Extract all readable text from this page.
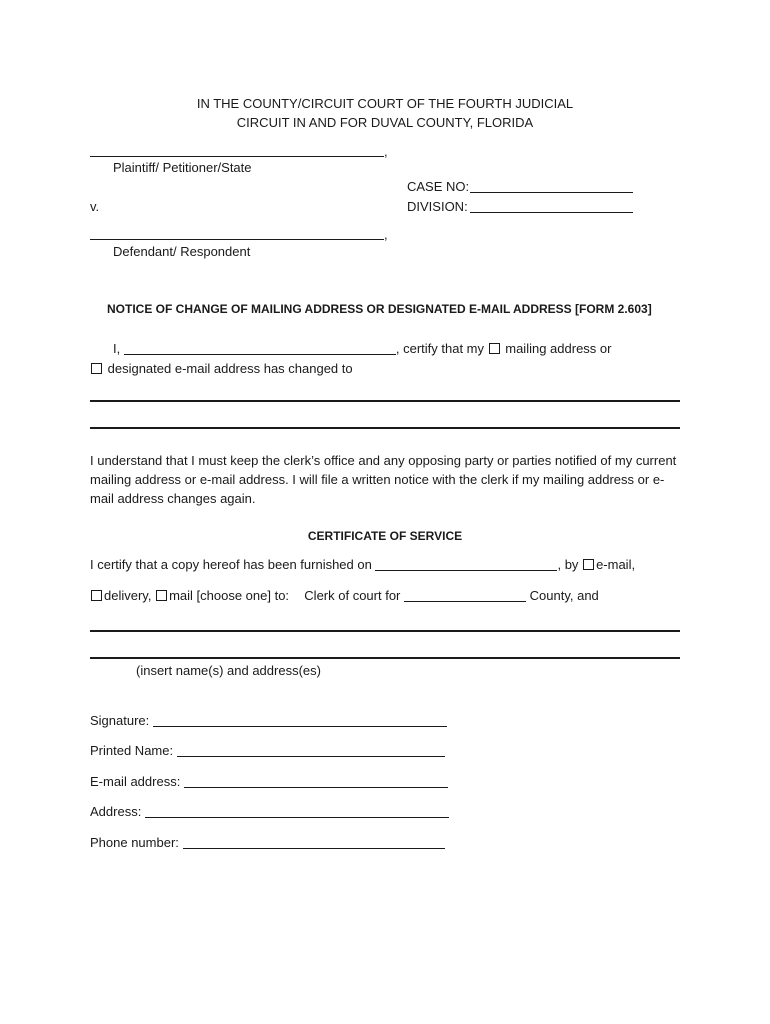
IN THE COUNTY/CIRCUIT COURT OF THE FOURTH JUDICIAL
CIRCUIT IN AND FOR DUVAL COUNTY, FLORIDA
,
Plaintiff/ Petitioner/State
CASE NO:
v.	DIVISION:
,
Defendant/ Respondent
NOTICE OF CHANGE OF MAILING ADDRESS OR DESIGNATED E-MAIL ADDRESS [FORM 2.603]
I,	, certify that my mailing address or
designated e-mail address has changed to
I understand that I must keep the clerk’s office and any opposing party or parties notified of my current mailing address or e-mail address. I will file a written notice with the clerk if my mailing address or e-mail address changes again.
CERTIFICATE OF SERVICE
I certify that a copy hereof has been furnished on	, by e-mail,
delivery, mail [choose one] to: Clerk of court for	County, and
(insert name(s) and address(es)
Signature:
Printed Name:
E-mail address:
Address:
Phone number:
